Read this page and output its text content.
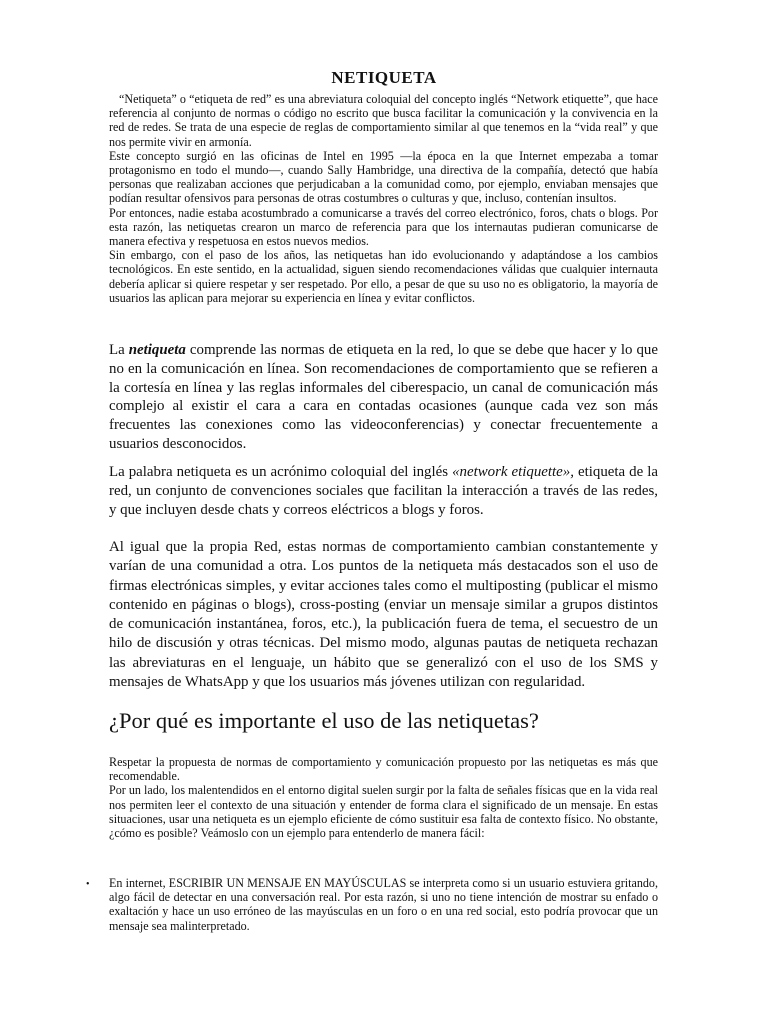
NETIQUETA

“Netiqueta” o “etiqueta de red” es una abreviatura coloquial del concepto inglés “Network etiquette”, que hace referencia al conjunto de normas o código no escrito que busca facilitar la comunicación y la convivencia en la red de redes. Se trata de una especie de reglas de comportamiento similar al que tenemos en la “vida real” y que nos permite vivir en armonía.

Este concepto surgió en las oficinas de Intel en 1995 —la época en la que Internet empezaba a tomar protagonismo en todo el mundo—, cuando Sally Hambridge, una directiva de la compañía, detectó que había personas que realizaban acciones que perjudicaban a la comunidad como, por ejemplo, enviaban mensajes que podían resultar ofensivos para personas de otras costumbres o culturas y que, incluso, contenían insultos.

Por entonces, nadie estaba acostumbrado a comunicarse a través del correo electrónico, foros, chats o blogs. Por esta razón, las netiquetas crearon un marco de referencia para que los internautas pudieran comunicarse de manera efectiva y respetuosa en estos nuevos medios.

Sin embargo, con el paso de los años, las netiquetas han ido evolucionando y adaptándose a los cambios tecnológicos. En este sentido, en la actualidad, siguen siendo recomendaciones válidas que cualquier internauta debería aplicar si quiere respetar y ser respetado. Por ello, a pesar de que su uso no es obligatorio, la mayoría de usuarios las aplican para mejorar su experiencia en línea y evitar conflictos.

La netiqueta comprende las normas de etiqueta en la red, lo que se debe que hacer y lo que no en la comunicación en línea. Son recomendaciones de comportamiento que se refieren a la cortesía en línea y las reglas informales del ciberespacio, un canal de comunicación más complejo al existir el cara a cara en contadas ocasiones (aunque cada vez son más frecuentes las conexiones como las videoconferencias) y conectar frecuentemente a usuarios desconocidos.

La palabra netiqueta es un acrónimo coloquial del inglés «network etiquette», etiqueta de la red, un conjunto de convenciones sociales que facilitan la interacción a través de las redes, y que incluyen desde chats y correos eléctricos a blogs y foros.

Al igual que la propia Red, estas normas de comportamiento cambian constantemente y varían de una comunidad a otra. Los puntos de la netiqueta más destacados son el uso de firmas electrónicas simples, y evitar acciones tales como el multiposting (publicar el mismo contenido en páginas o blogs), cross-posting (enviar un mensaje similar a grupos distintos de comunicación instantánea, foros, etc.), la publicación fuera de tema, el secuestro de un hilo de discusión y otras técnicas. Del mismo modo, algunas pautas de netiqueta rechazan las abreviaturas en el lenguaje, un hábito que se generalizó con el uso de los SMS y mensajes de WhatsApp y que los usuarios más jóvenes utilizan con regularidad.

¿Por qué es importante el uso de las netiquetas?

Respetar la propuesta de normas de comportamiento y comunicación propuesto por las netiquetas es más que recomendable.

Por un lado, los malentendidos en el entorno digital suelen surgir por la falta de señales físicas que en la vida real nos permiten leer el contexto de una situación y entender de forma clara el significado de un mensaje. En estas situaciones, usar una netiqueta es un ejemplo eficiente de cómo sustituir esa falta de contexto físico. No obstante, ¿cómo es posible? Veámoslo con un ejemplo para entenderlo de manera fácil:

• En internet, ESCRIBIR UN MENSAJE EN MAYÚSCULAS se interpreta como si un usuario estuviera gritando, algo fácil de detectar en una conversación real. Por esta razón, si uno no tiene intención de mostrar su enfado o exaltación y hace un uso erróneo de las mayúsculas en un foro o en una red social, esto podría provocar que un mensaje sea malinterpretado.
